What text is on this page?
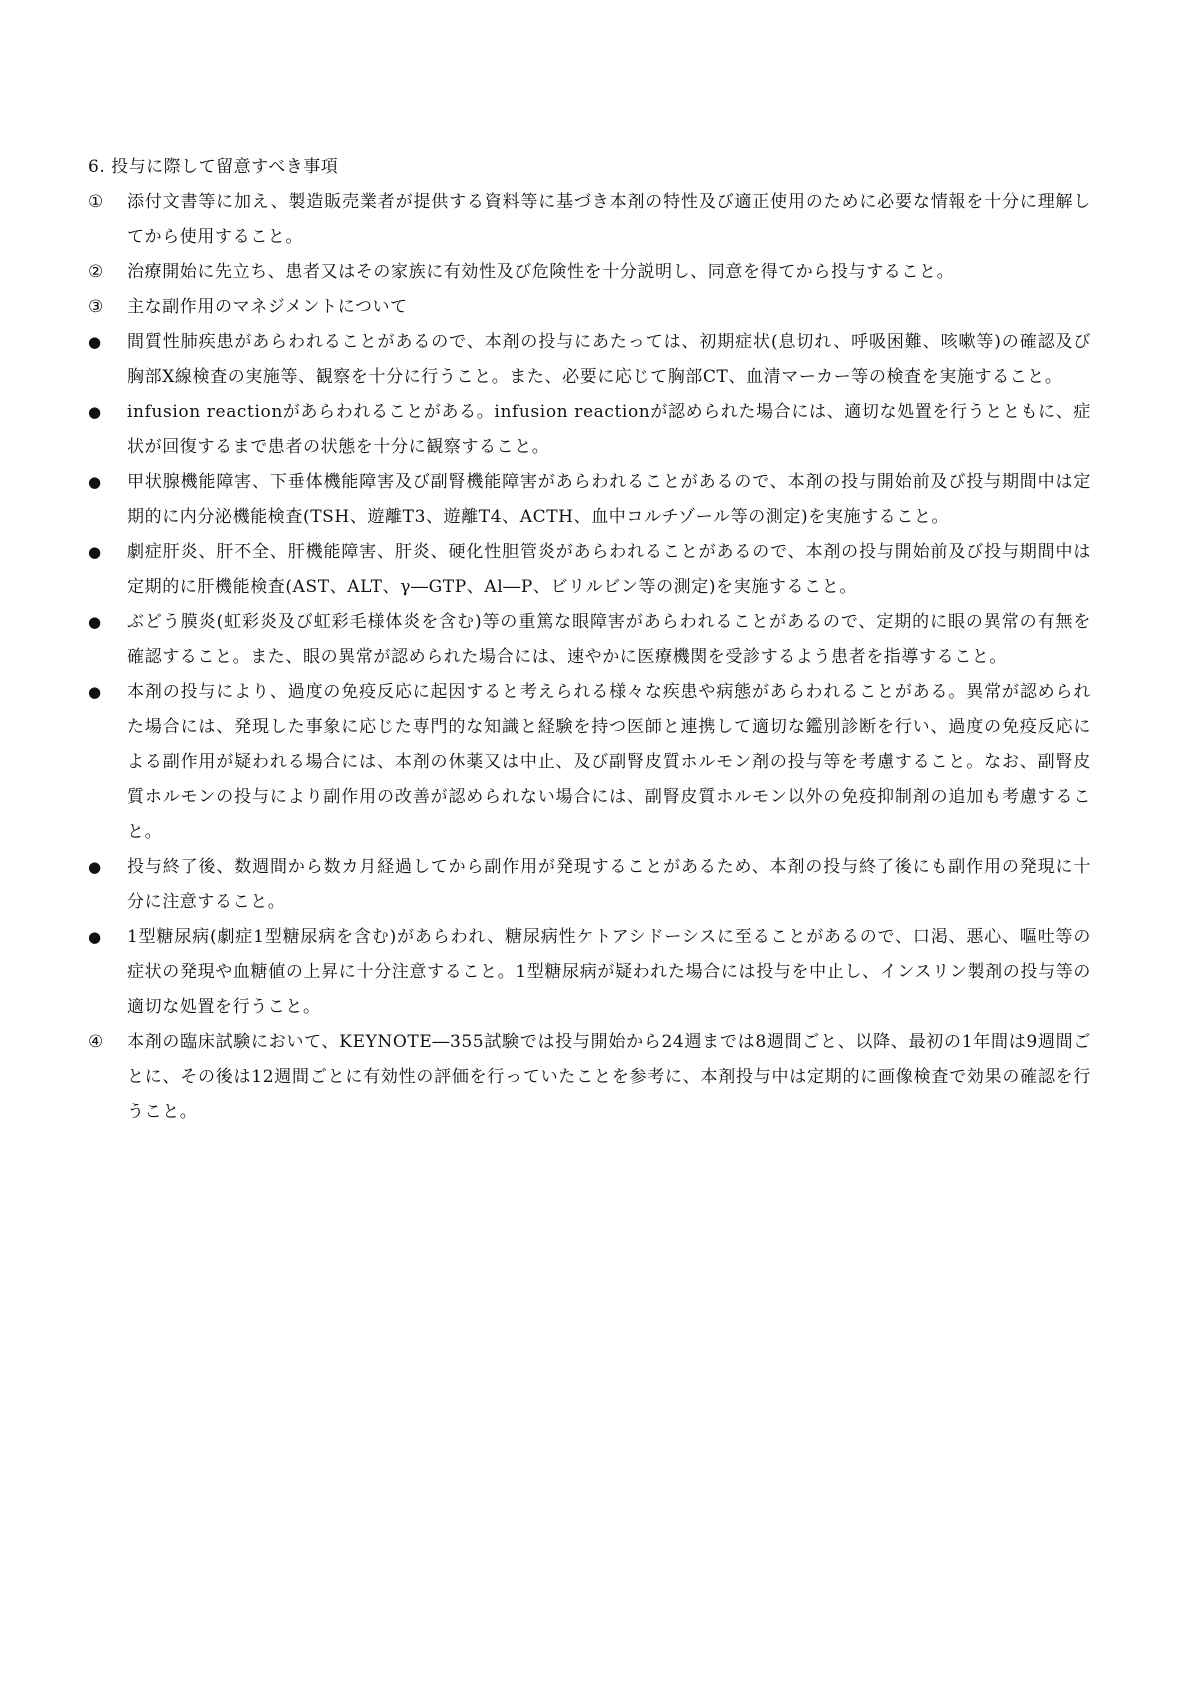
6. 投与に際して留意すべき事項
①	添付文書等に加え、製造販売業者が提供する資料等に基づき本剤の特性及び適正使用のために必要な情報を十分に理解してから使用すること。
②	治療開始に先立ち、患者又はその家族に有効性及び危険性を十分説明し、同意を得てから投与すること。
③	主な副作用のマネジメントについて
●	間質性肺疾患があらわれることがあるので、本剤の投与にあたっては、初期症状(息切れ、呼吸困難、咳嗽等)の確認及び胸部X線検査の実施等、観察を十分に行うこと。また、必要に応じて胸部CT、血清マーカー等の検査を実施すること。
●	infusion reactionがあらわれることがある。infusion reactionが認められた場合には、適切な処置を行うとともに、症状が回復するまで患者の状態を十分に観察すること。
●	甲状腺機能障害、下垂体機能障害及び副腎機能障害があらわれることがあるので、本剤の投与開始前及び投与期間中は定期的に内分泌機能検査(TSH、遊離T3、遊離T4、ACTH、血中コルチゾール等の測定)を実施すること。
●	劇症肝炎、肝不全、肝機能障害、肝炎、硬化性胆管炎があらわれることがあるので、本剤の投与開始前及び投与期間中は定期的に肝機能検査(AST、ALT、γ―GTP、Al―P、ビリルビン等の測定)を実施すること。
●	ぶどう膜炎(虹彩炎及び虹彩毛様体炎を含む)等の重篤な眼障害があらわれることがあるので、定期的に眼の異常の有無を確認すること。また、眼の異常が認められた場合には、速やかに医療機関を受診するよう患者を指導すること。
●	本剤の投与により、過度の免疫反応に起因すると考えられる様々な疾患や病態があらわれることがある。異常が認められた場合には、発現した事象に応じた専門的な知識と経験を持つ医師と連携して適切な鑑別診断を行い、過度の免疫反応による副作用が疑われる場合には、本剤の休薬又は中止、及び副腎皮質ホルモン剤の投与等を考慮すること。なお、副腎皮質ホルモンの投与により副作用の改善が認められない場合には、副腎皮質ホルモン以外の免疫抑制剤の追加も考慮すること。
●	投与終了後、数週間から数カ月経過してから副作用が発現することがあるため、本剤の投与終了後にも副作用の発現に十分に注意すること。
●	1型糖尿病(劇症1型糖尿病を含む)があらわれ、糖尿病性ケトアシドーシスに至ることがあるので、口渇、悪心、嘔吐等の症状の発現や血糖値の上昇に十分注意すること。1型糖尿病が疑われた場合には投与を中止し、インスリン製剤の投与等の適切な処置を行うこと。
④	本剤の臨床試験において、KEYNOTE―355試験では投与開始から24週までは8週間ごと、以降、最初の1年間は9週間ごとに、その後は12週間ごとに有効性の評価を行っていたことを参考に、本剤投与中は定期的に画像検査で効果の確認を行うこと。
